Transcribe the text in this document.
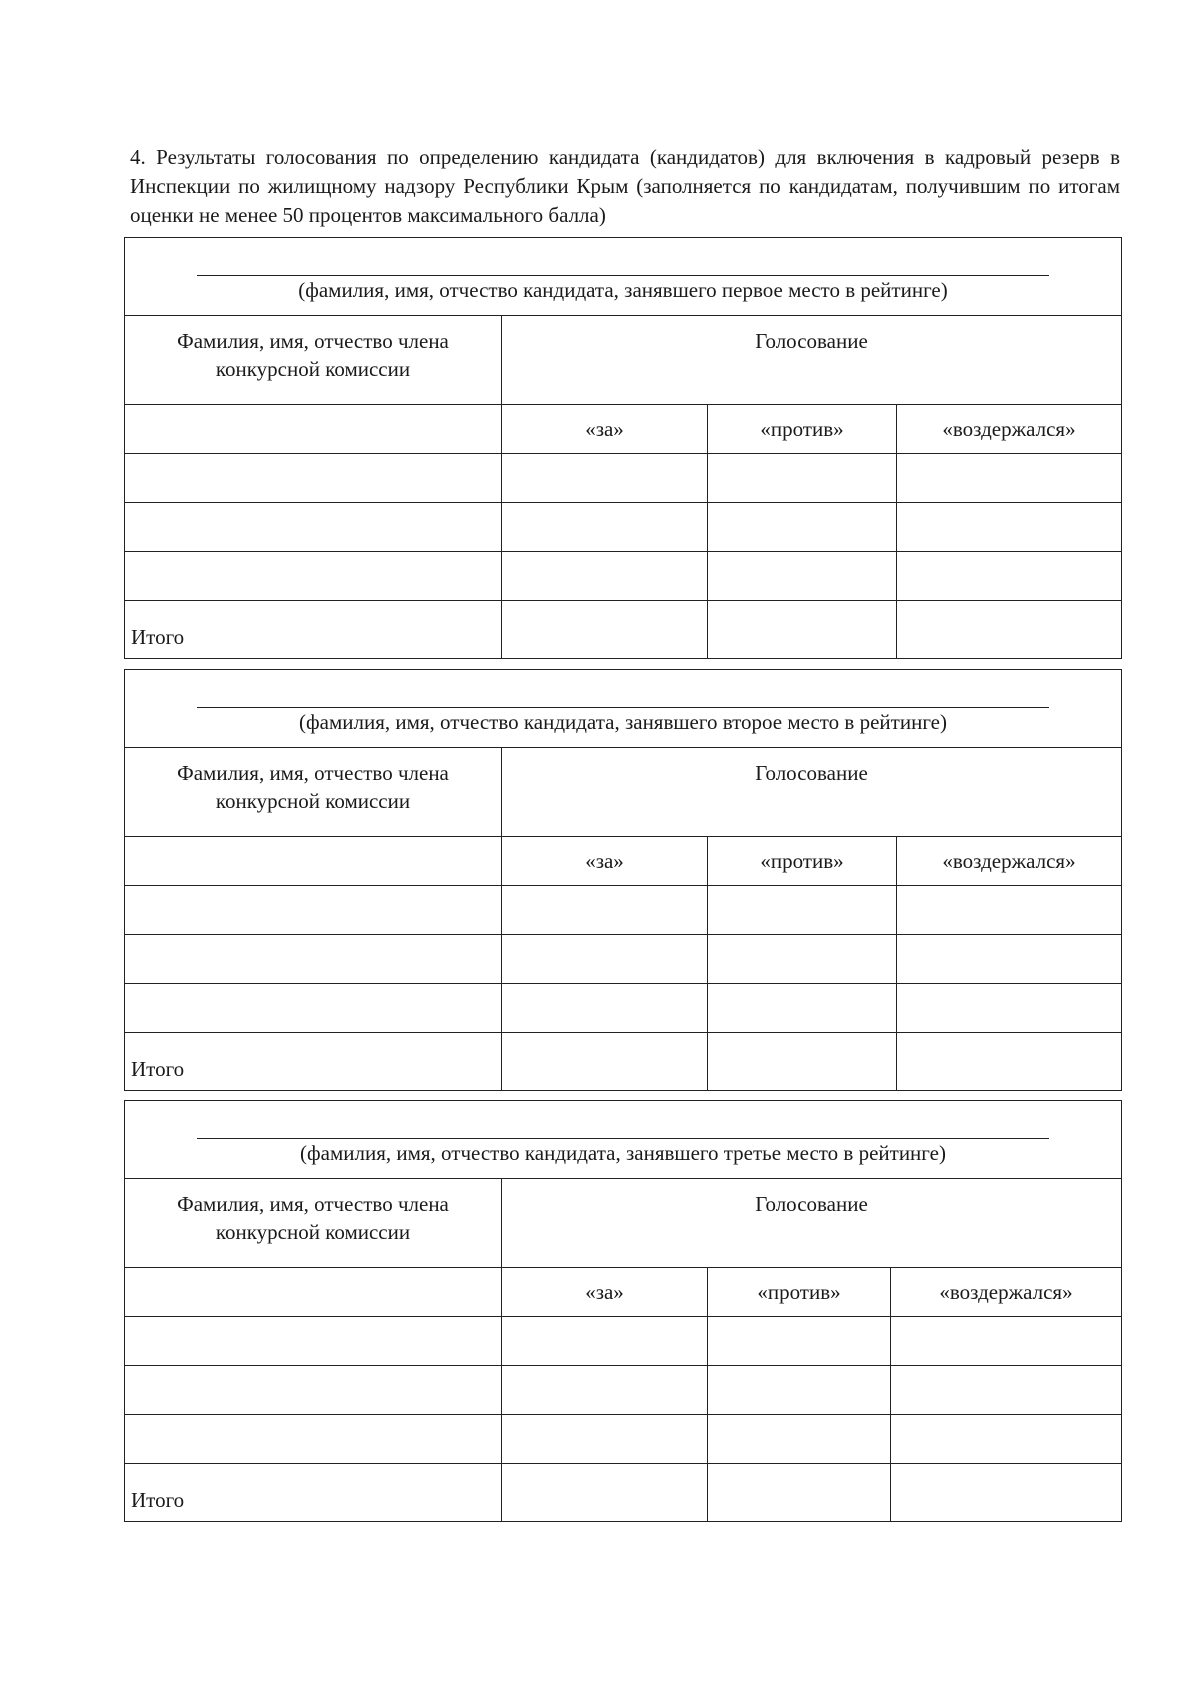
4. Результаты голосования по определению кандидата (кандидатов) для включения в кадровый резерв в Инспекции по жилищному надзору Республики Крым (заполняется по кандидатам, получившим по итогам оценки не менее 50 процентов максимального балла)

(фамилия, имя, отчество кандидата, занявшего первое место в рейтинге)			

Фамилия, имя, отчество члена
конкурсной комиссии	Голосование		
	«за»	«против»	«воздержался»

Итого			
(фамилия, имя, отчество кандидата, занявшего второе место в рейтинге)			

Фамилия, имя, отчество члена
конкурсной комиссии	Голосование		
	«за»	«против»	«воздержался»

Итого			
(фамилия, имя, отчество кандидата, занявшего третье место в рейтинге)			

Фамилия, имя, отчество члена
конкурсной комиссии	Голосование		
	«за»	«против»	«воздержался»

Итого			
